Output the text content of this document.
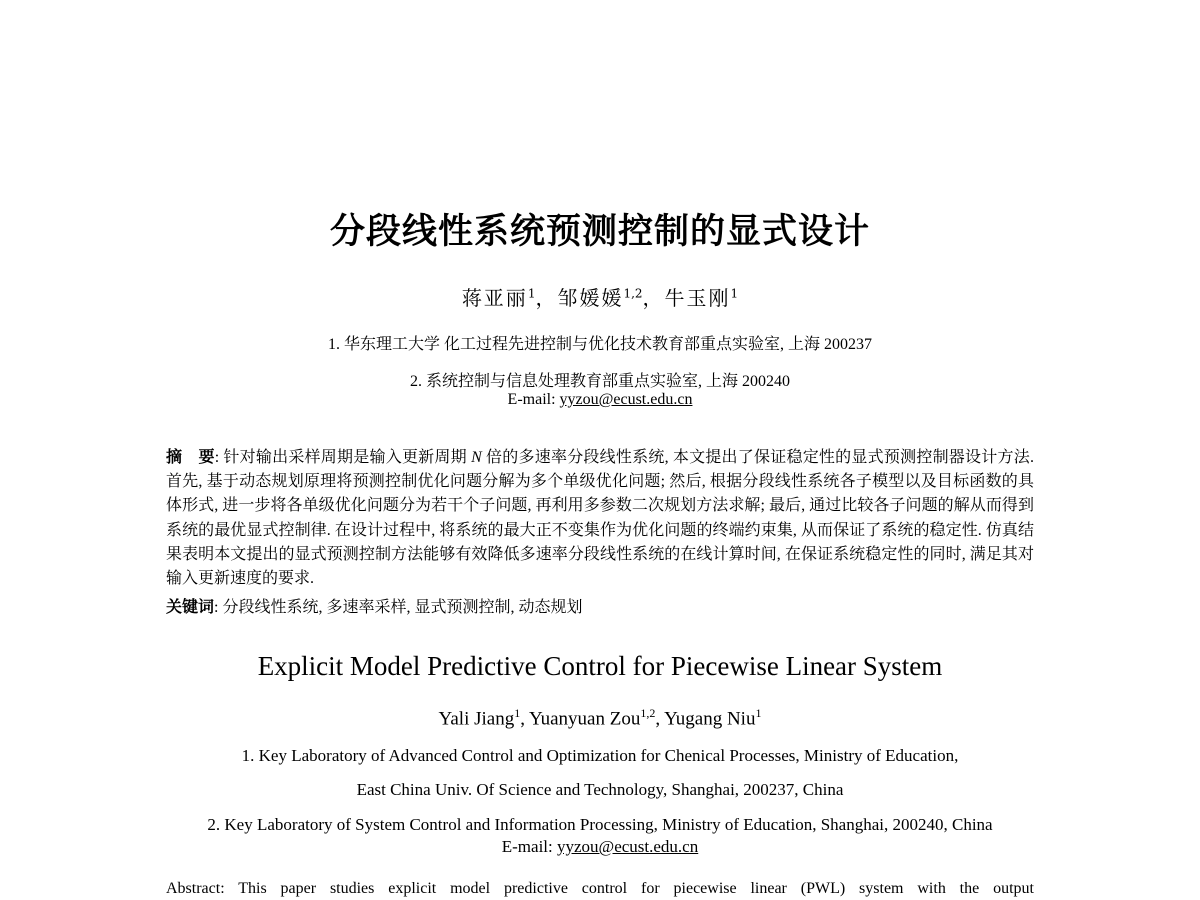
分段线性系统预测控制的显式设计
蒋亚丽$^1$，邹媛媛$^{1,2}$，牛玉刚$^1$
1. 华东理工大学 化工过程先进控制与优化技术教育部重点实验室, 上海 200237
2. 系统控制与信息处理教育部重点实验室, 上海 200240
E-mail: yyzou@ecust.edu.cn
摘　要: 针对输出采样周期是输入更新周期 N 倍的多速率分段线性系统, 本文提出了保证稳定性的显式预测控制器设计方法. 首先, 基于动态规划原理将预测控制优化问题分解为多个单级优化问题; 然后, 根据分段线性系统各子模型以及目标函数的具体形式, 进一步将各单级优化问题分为若干个子问题, 再利用多参数二次规划方法求解; 最后, 通过比较各子问题的解从而得到系统的最优显式控制律. 在设计过程中, 将系统的最大正不变集作为优化问题的终端约束集, 从而保证了系统的稳定性. 仿真结果表明本文提出的显式预测控制方法能够有效降低多速率分段线性系统的在线计算时间, 在保证系统稳定性的同时, 满足其对输入更新速度的要求.
关键词: 分段线性系统, 多速率采样, 显式预测控制, 动态规划
Explicit Model Predictive Control for Piecewise Linear System
Yali Jiang$^1$, Yuanyuan Zou$^{1,2}$, Yugang Niu$^1$
1. Key Laboratory of Advanced Control and Optimization for Chenical Processes, Ministry of Education,
East China Univ. Of Science and Technology, Shanghai, 200237, China
2. Key Laboratory of System Control and Information Processing, Ministry of Education, Shanghai, 200240, China
E-mail: yyzou@ecust.edu.cn
Abstract: This paper studies explicit model predictive control for piecewise linear (PWL) system with the output
